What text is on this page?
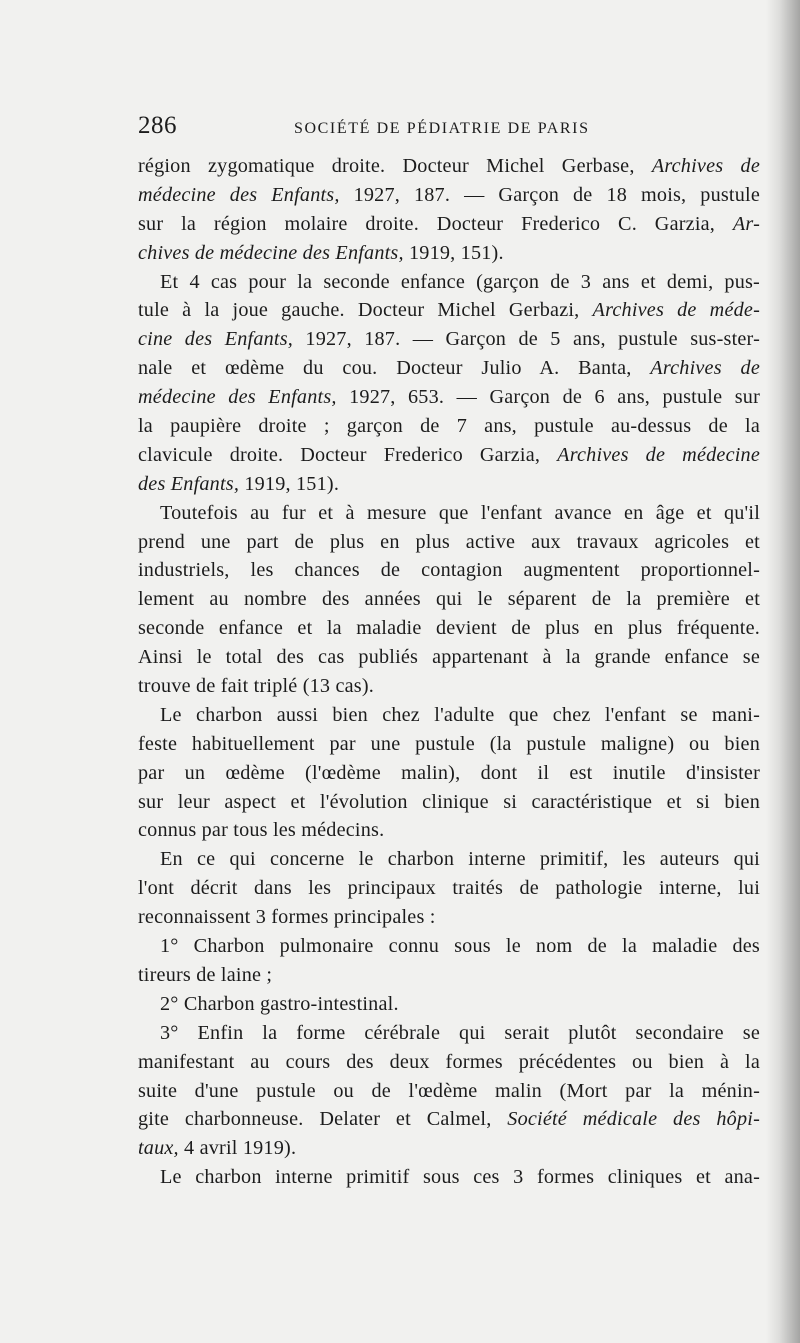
286	SOCIÉTÉ DE PÉDIATRIE DE PARIS
région zygomatique droite. Docteur Michel Gerbase, Archives de
médecine des Enfants, 1927, 187. — Garçon de 18 mois, pustule
sur la région molaire droite. Docteur Frederico C. Garzia, Ar-
chives de médecine des Enfants, 1919, 151).
Et 4 cas pour la seconde enfance (garçon de 3 ans et demi, pus-
tule à la joue gauche. Docteur Michel Gerbazi, Archives de méde-
cine des Enfants, 1927, 187. — Garçon de 5 ans, pustule sus-ster-
nale et œdème du cou. Docteur Julio A. Banta, Archives de
médecine des Enfants, 1927, 653. — Garçon de 6 ans, pustule sur
la paupière droite ; garçon de 7 ans, pustule au-dessus de la
clavicule droite. Docteur Frederico Garzia, Archives de médecine
des Enfants, 1919, 151).
Toutefois au fur et à mesure que l'enfant avance en âge et qu'il
prend une part de plus en plus active aux travaux agricoles et
industriels, les chances de contagion augmentent proportionnel-
lement au nombre des années qui le séparent de la première et
seconde enfance et la maladie devient de plus en plus fréquente.
Ainsi le total des cas publiés appartenant à la grande enfance se
trouve de fait triplé (13 cas).
Le charbon aussi bien chez l'adulte que chez l'enfant se mani-
feste habituellement par une pustule (la pustule maligne) ou bien
par un œdème (l'œdème malin), dont il est inutile d'insister
sur leur aspect et l'évolution clinique si caractéristique et si bien
connus par tous les médecins.
En ce qui concerne le charbon interne primitif, les auteurs qui
l'ont décrit dans les principaux traités de pathologie interne, lui
reconnaissent 3 formes principales :
1° Charbon pulmonaire connu sous le nom de la maladie des
tireurs de laine ;
2° Charbon gastro-intestinal.
3° Enfin la forme cérébrale qui serait plutôt secondaire se
manifestant au cours des deux formes précédentes ou bien à la
suite d'une pustule ou de l'œdème malin (Mort par la ménin-
gite charbonneuse. Delater et Calmel, Société médicale des hôpi-
taux, 4 avril 1919).
Le charbon interne primitif sous ces 3 formes cliniques et ana-
